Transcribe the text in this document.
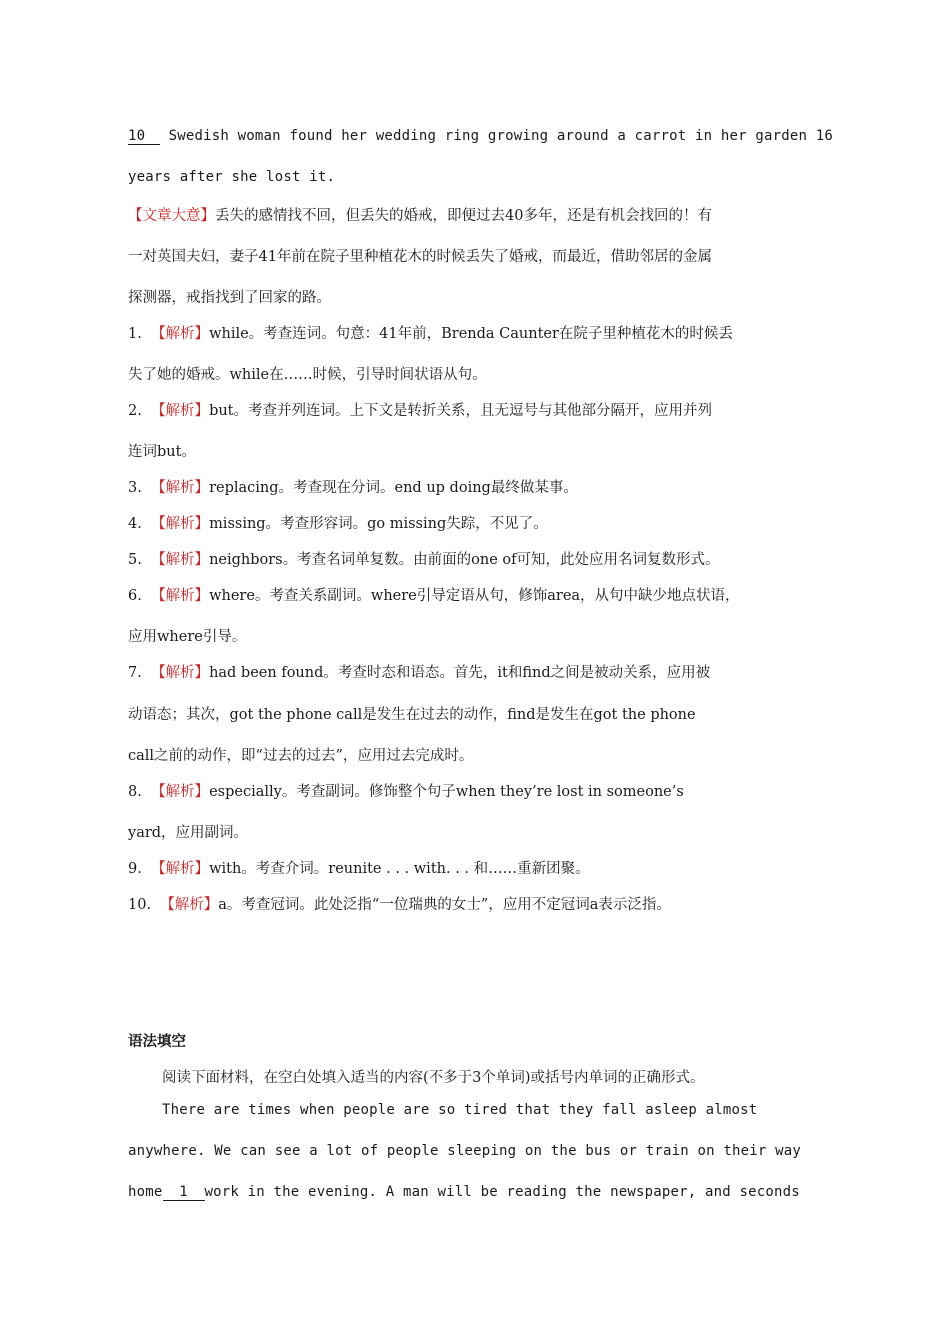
10 Swedish woman found her wedding ring growing around a carrot in her garden 16
years after she lost it.
【文章大意】丢失的感情找不回，但丢失的婚戒，即便过去40多年，还是有机会找回的！有
一对英国夫妇，妻子41年前在院子里种植花木的时候丢失了婚戒，而最近，借助邻居的金属
探测器，戒指找到了回家的路。
1. 【解析】while。考查连词。句意：41年前，Brenda Caunter在院子里种植花木的时候丢
失了她的婚戒。while在……时候，引导时间状语从句。
2. 【解析】but。考查并列连词。上下文是转折关系，且无逗号与其他部分隔开，应用并列
连词but。
3. 【解析】replacing。考查现在分词。end up doing最终做某事。
4. 【解析】missing。考查形容词。go missing失踪，不见了。
5. 【解析】neighbors。考查名词单复数。由前面的one of可知，此处应用名词复数形式。
6. 【解析】where。考查关系副词。where引导定语从句，修饰area，从句中缺少地点状语，
应用where引导。
7. 【解析】had been found。考查时态和语态。首先，it和find之间是被动关系，应用被
动语态；其次，got the phone call是发生在过去的动作，find是发生在got the phone
call之前的动作，即“过去的过去”，应用过去完成时。
8. 【解析】especially。考查副词。修饰整个句子when they’re lost in someone’s
yard，应用副词。
9. 【解析】with。考查介词。reunite . . . with. . . 和……重新团聚。
10. 【解析】a。考查冠词。此处泛指“一位瑞典的女士”，应用不定冠词a表示泛指。
语法填空
阅读下面材料，在空白处填入适当的内容(不多于3个单词)或括号内单词的正确形式。
There are times when people are so tired that they fall asleep almost
anywhere. We can see a lot of people sleeping on the bus or train on their way
home 1 work in the evening. A man will be reading the newspaper, and seconds
